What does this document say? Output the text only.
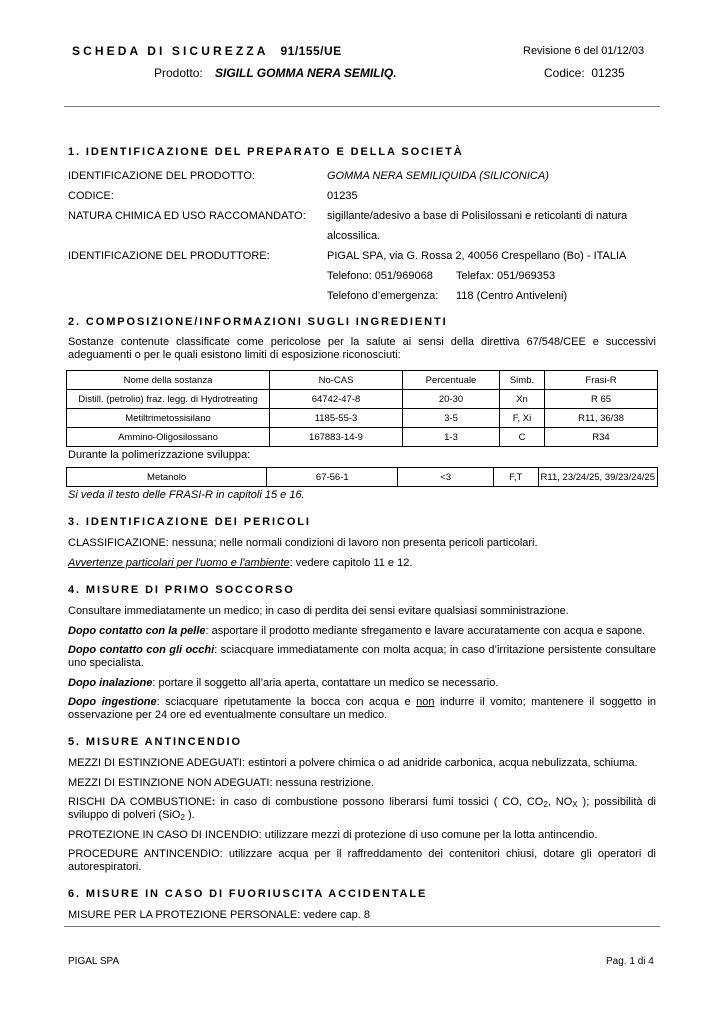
SCHEDA DI SICUREZZA 91/155/UE	Revisione 6 del 01/12/03
Prodotto: SIGILL GOMMA NERA SEMILIQ.	Codice: 01235
1. IDENTIFICAZIONE DEL PREPARATO E DELLA SOCIETÀ
IDENTIFICAZIONE DEL PRODOTTO:	GOMMA NERA SEMILIQUIDA (SILICONICA)
CODICE:	01235
NATURA CHIMICA ED USO RACCOMANDATO:	sigillante/adesivo a base di Polisilossani e reticolanti di natura
alcossilica.
IDENTIFICAZIONE DEL PRODUTTORE:	PIGAL SPA, via G. Rossa 2, 40056 Crespellano (Bo) - ITALIA
Telefono: 051/969068	Telefax: 051/969353
Telefono d’emergenza:	118 (Centro Antiveleni)
2. COMPOSIZIONE/INFORMAZIONI SUGLI INGREDIENTI
Sostanze contenute classificate come pericolose per la salute ai sensi della direttiva 67/548/CEE e successivi adeguamenti o per le quali esistono limiti di esposizione riconosciuti:
Nome della sostanza	No-CAS	Percentuale	Simb.	Frasi-R
Distill. (petrolio) fraz. legg. di Hydrotreating	64742-47-8	20-30	Xn	R 65
Metiltrimetossisilano	1185-55-3	3-5	F, Xi	R11, 36/38
Ammino-Oligosilossano	167883-14-9	1-3	C	R34
Durante la polimerizzazione sviluppa:
Metanolo	67-56-1	<3	F,T	R11, 23/24/25, 39/23/24/25
Si veda il testo delle FRASI-R in capitoli 15 e 16.
3. IDENTIFICAZIONE DEI PERICOLI
CLASSIFICAZIONE: nessuna; nelle normali condizioni di lavoro non presenta pericoli particolari.
Avvertenze particolari per l'uomo e l'ambiente: vedere capitolo 11 e 12.
4. MISURE DI PRIMO SOCCORSO
Consultare immediatamente un medico; in caso di perdita dei sensi evitare qualsiasi somministrazione.
Dopo contatto con la pelle: asportare il prodotto mediante sfregamento e lavare accuratamente con acqua e sapone.
Dopo contatto con gli occhi: sciacquare immediatamente con molta acqua; in caso d’irritazione persistente consultare uno specialista.
Dopo inalazione: portare il soggetto all’aria aperta, contattare un medico se necessario.
Dopo ingestione: sciacquare ripetutamente la bocca con acqua e non indurre il vomito; mantenere il soggetto in osservazione per 24 ore ed eventualmente consultare un medico.
5. MISURE ANTINCENDIO
MEZZI DI ESTINZIONE ADEGUATI: estintori a polvere chimica o ad anidride carbonica, acqua nebulizzata, schiuma.
MEZZI DI ESTINZIONE NON ADEGUATI: nessuna restrizione.
RISCHI DA COMBUSTIONE: in caso di combustione possono liberarsi fumi tossici ( CO, $CO_2$, $NO_X$ ); possibilità di sviluppo di polveri (SiO$_2$ ).
PROTEZIONE IN CASO DI INCENDIO: utilizzare mezzi di protezione di uso comune per la lotta antincendio.
PROCEDURE ANTINCENDIO: utilizzare acqua per il raffreddamento dei contenitori chiusi, dotare gli operatori di autorespiratori.
6. MISURE IN CASO DI FUORIUSCITA ACCIDENTALE
MISURE PER LA PROTEZIONE PERSONALE: vedere cap. 8
PIGAL SPA	Pag. 1 di 4
